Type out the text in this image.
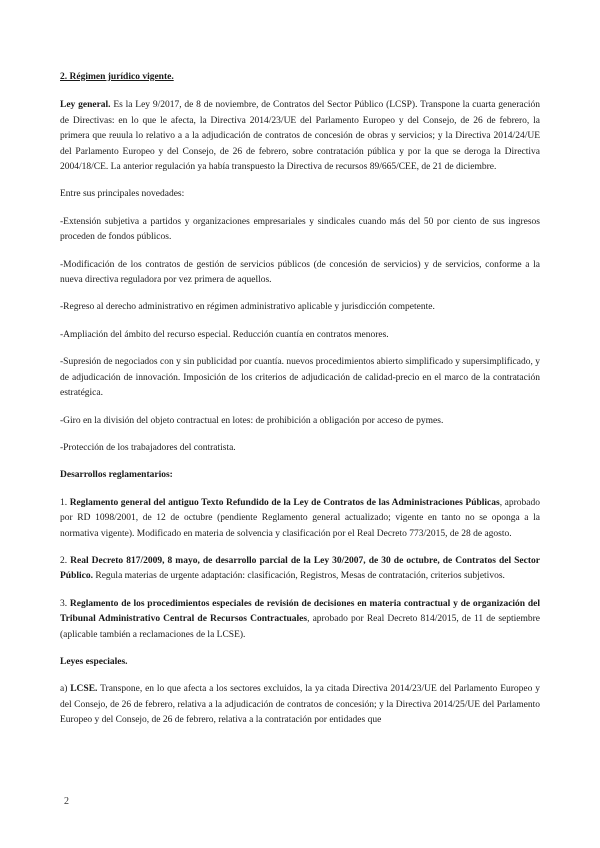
2. Régimen jurídico vigente.

Ley general. Es la Ley 9/2017, de 8 de noviembre, de Contratos del Sector Público (LCSP). Transpone la cuarta generación de Directivas: en lo que le afecta, la Directiva 2014/23/UE del Parlamento Europeo y del Consejo, de 26 de febrero, la primera que reuula lo relativo a a la adjudicación de contratos de concesión de obras y servicios; y la Directiva 2014/24/UE del Parlamento Europeo y del Consejo, de 26 de febrero, sobre contratación pública y por la que se deroga la Directiva 2004/18/CE. La anterior regulación ya había transpuesto la Directiva de recursos 89/665/CEE, de 21 de diciembre.

Entre sus principales novedades:

-Extensión subjetiva a partidos y organizaciones empresariales y sindicales cuando más del 50 por ciento de sus ingresos proceden de fondos públicos.

-Modificación de los contratos de gestión de servicios públicos (de concesión de servicios) y de servicios, conforme a la nueva directiva reguladora por vez primera de aquellos.

-Regreso al derecho administrativo en régimen administrativo aplicable y jurisdicción competente.

-Ampliación del ámbito del recurso especial. Reducción cuantía en contratos menores.

-Supresión de negociados con y sin publicidad por cuantía. nuevos procedimientos abierto simplificado y supersimplificado, y de adjudicación de innovación. Imposición de los criterios de adjudicación de calidad-precio en el marco de la contratación estratégica.

-Giro en la división del objeto contractual en lotes: de prohibición a obligación por acceso de pymes.

-Protección de los trabajadores del contratista.

Desarrollos reglamentarios:

1. Reglamento general del antiguo Texto Refundido de la Ley de Contratos de las Administraciones Públicas, aprobado por RD 1098/2001, de 12 de octubre (pendiente Reglamento general actualizado; vigente en tanto no se oponga a la normativa vigente). Modificado en materia de solvencia y clasificación por el Real Decreto 773/2015, de 28 de agosto.

2. Real Decreto 817/2009, 8 mayo, de desarrollo parcial de la Ley 30/2007, de 30 de octubre, de Contratos del Sector Público. Regula materias de urgente adaptación: clasificación, Registros, Mesas de contratación, criterios subjetivos.

3. Reglamento de los procedimientos especiales de revisión de decisiones en materia contractual y de organización del Tribunal Administrativo Central de Recursos Contractuales, aprobado por Real Decreto 814/2015, de 11 de septiembre (aplicable también a reclamaciones de la LCSE).

Leyes especiales.

a) LCSE. Transpone, en lo que afecta a los sectores excluidos, la ya citada Directiva 2014/23/UE del Parlamento Europeo y del Consejo, de 26 de febrero, relativa a la adjudicación de contratos de concesión; y la Directiva 2014/25/UE del Parlamento Europeo y del Consejo, de 26 de febrero, relativa a la contratación por entidades que

2
